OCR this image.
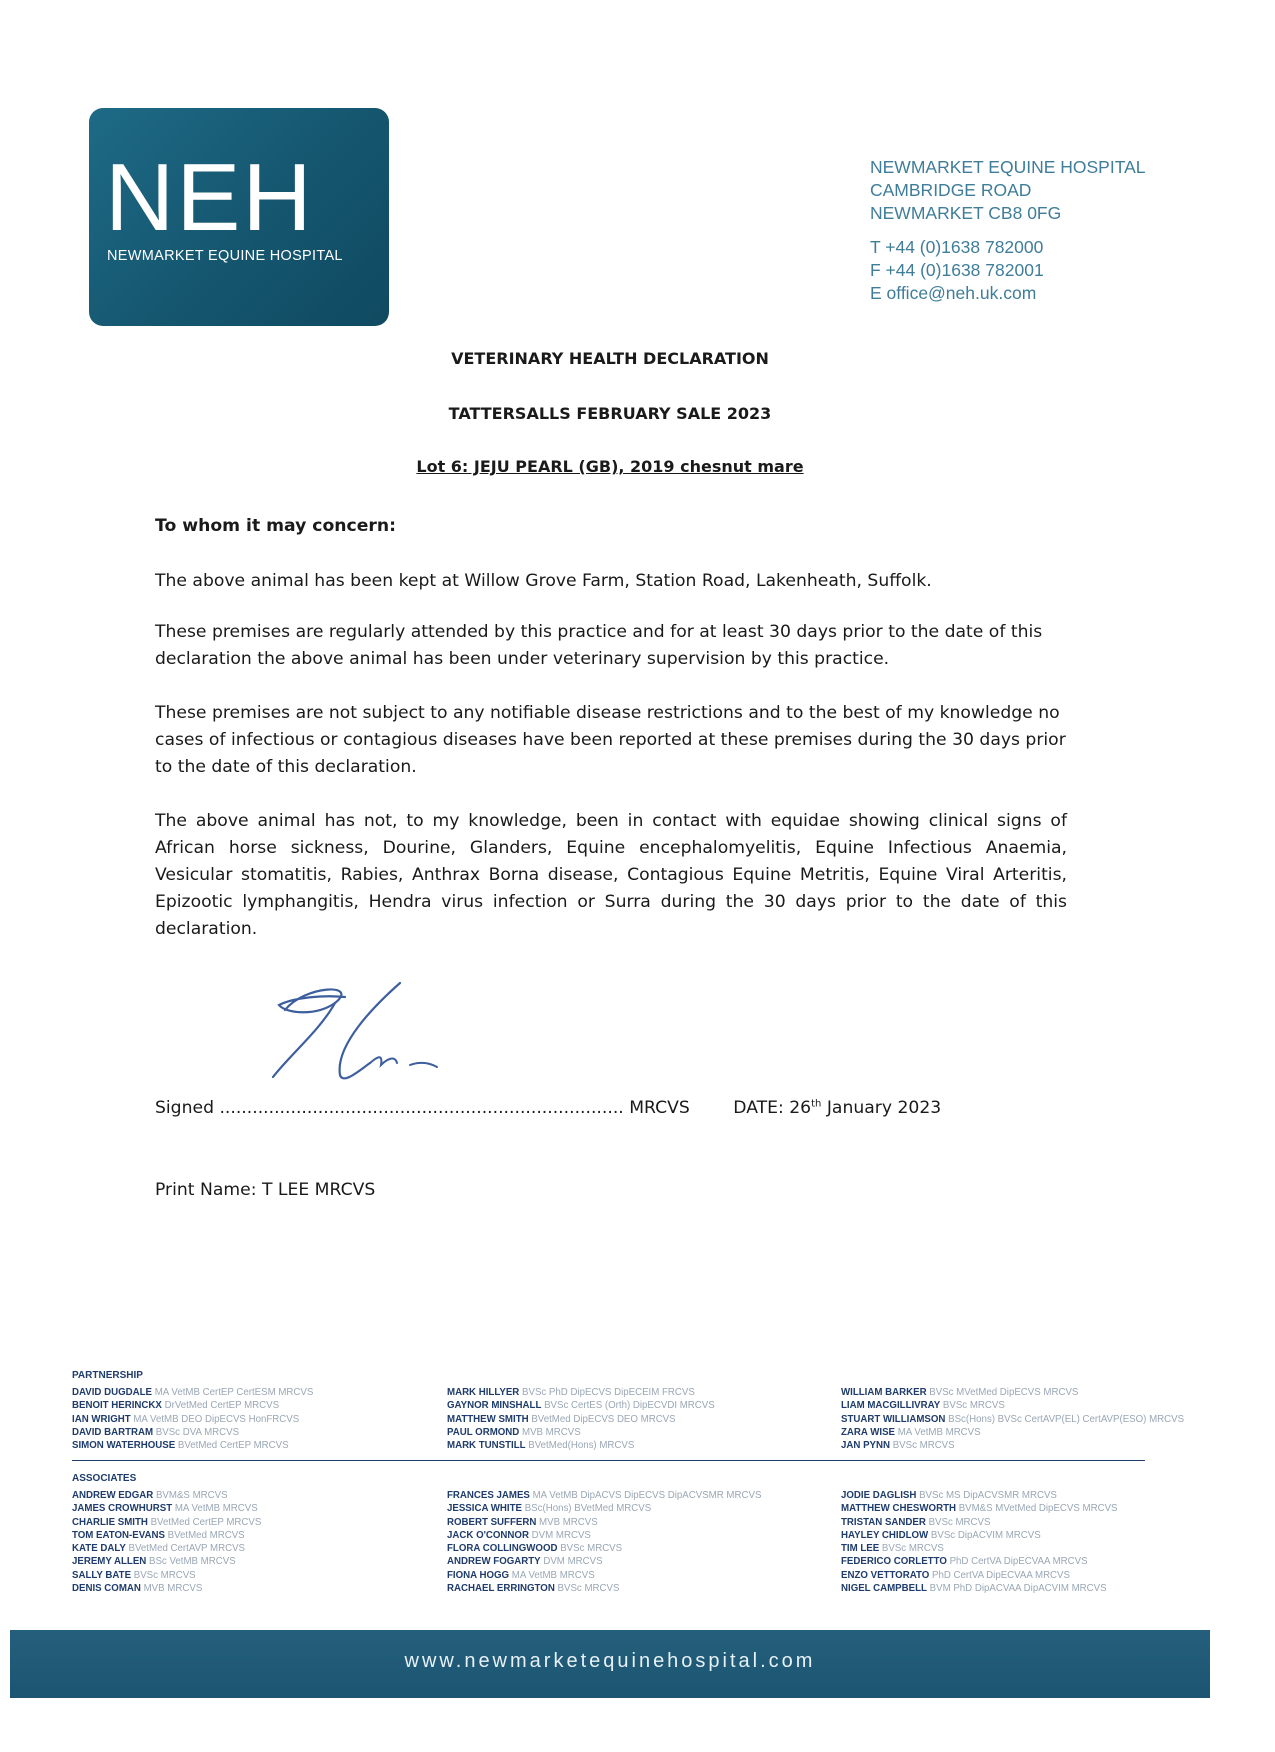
NEH
NEWMARKET EQUINE HOSPITAL
NEWMARKET EQUINE HOSPITAL
CAMBRIDGE ROAD
NEWMARKET CB8 0FG
T +44 (0)1638 782000
F +44 (0)1638 782001
E office@neh.uk.com
VETERINARY HEALTH DECLARATION
TATTERSALLS FEBRUARY SALE 2023
Lot 6: JEJU PEARL (GB), 2019 chesnut mare
To whom it may concern:
The above animal has been kept at Willow Grove Farm, Station Road, Lakenheath, Suffolk.
These premises are regularly attended by this practice and for at least 30 days prior to the date of this declaration the above animal has been under veterinary supervision by this practice.
These premises are not subject to any notifiable disease restrictions and to the best of my knowledge no cases of infectious or contagious diseases have been reported at these premises during the 30 days prior to the date of this declaration.
The above animal has not, to my knowledge, been in contact with equidae showing clinical signs of African horse sickness, Dourine, Glanders, Equine encephalomyelitis, Equine Infectious Anaemia, Vesicular stomatitis, Rabies, Anthrax Borna disease, Contagious Equine Metritis, Equine Viral Arteritis, Epizootic lymphangitis, Hendra virus infection or Surra during the 30 days prior to the date of this declaration.
Signed .......................................................................... MRCVS	DATE: 26th January 2023
Print Name: T LEE MRCVS
PARTNERSHIP
DAVID DUGDALE MA VetMB CertEP CertESM MRCVS
BENOIT HERINCKX DrVetMed CertEP MRCVS
IAN WRIGHT MA VetMB DEO DipECVS HonFRCVS
DAVID BARTRAM BVSc DVA MRCVS
SIMON WATERHOUSE BVetMed CertEP MRCVS
MARK HILLYER BVSc PhD DipECVS DipECEIM FRCVS
GAYNOR MINSHALL BVSc CertES (Orth) DipECVDI MRCVS
MATTHEW SMITH BVetMed DipECVS DEO MRCVS
PAUL ORMOND MVB MRCVS
MARK TUNSTILL BVetMed(Hons) MRCVS
WILLIAM BARKER BVSc MVetMed DipECVS MRCVS
LIAM MACGILLIVRAY BVSc MRCVS
STUART WILLIAMSON BSc(Hons) BVSc CertAVP(EL) CertAVP(ESO) MRCVS
ZARA WISE MA VetMB MRCVS
JAN PYNN BVSc MRCVS
ASSOCIATES
ANDREW EDGAR BVM&S MRCVS
JAMES CROWHURST MA VetMB MRCVS
CHARLIE SMITH BVetMed CertEP MRCVS
TOM EATON-EVANS BVetMed MRCVS
KATE DALY BVetMed CertAVP MRCVS
JEREMY ALLEN BSc VetMB MRCVS
SALLY BATE BVSc MRCVS
DENIS COMAN MVB MRCVS
FRANCES JAMES MA VetMB DipACVS DipECVS DipACVSMR MRCVS
JESSICA WHITE BSc(Hons) BVetMed MRCVS
ROBERT SUFFERN MVB MRCVS
JACK O'CONNOR DVM MRCVS
FLORA COLLINGWOOD BVSc MRCVS
ANDREW FOGARTY DVM MRCVS
FIONA HOGG MA VetMB MRCVS
RACHAEL ERRINGTON BVSc MRCVS
JODIE DAGLISH BVSc MS DipACVSMR MRCVS
MATTHEW CHESWORTH BVM&S MVetMed DipECVS MRCVS
TRISTAN SANDER BVSc MRCVS
HAYLEY CHIDLOW BVSc DipACVIM MRCVS
TIM LEE BVSc MRCVS
FEDERICO CORLETTO PhD CertVA DipECVAA MRCVS
ENZO VETTORATO PhD CertVA DipECVAA MRCVS
NIGEL CAMPBELL BVM PhD DipACVAA DipACVIM MRCVS
www.newmarketequinehospital.com
